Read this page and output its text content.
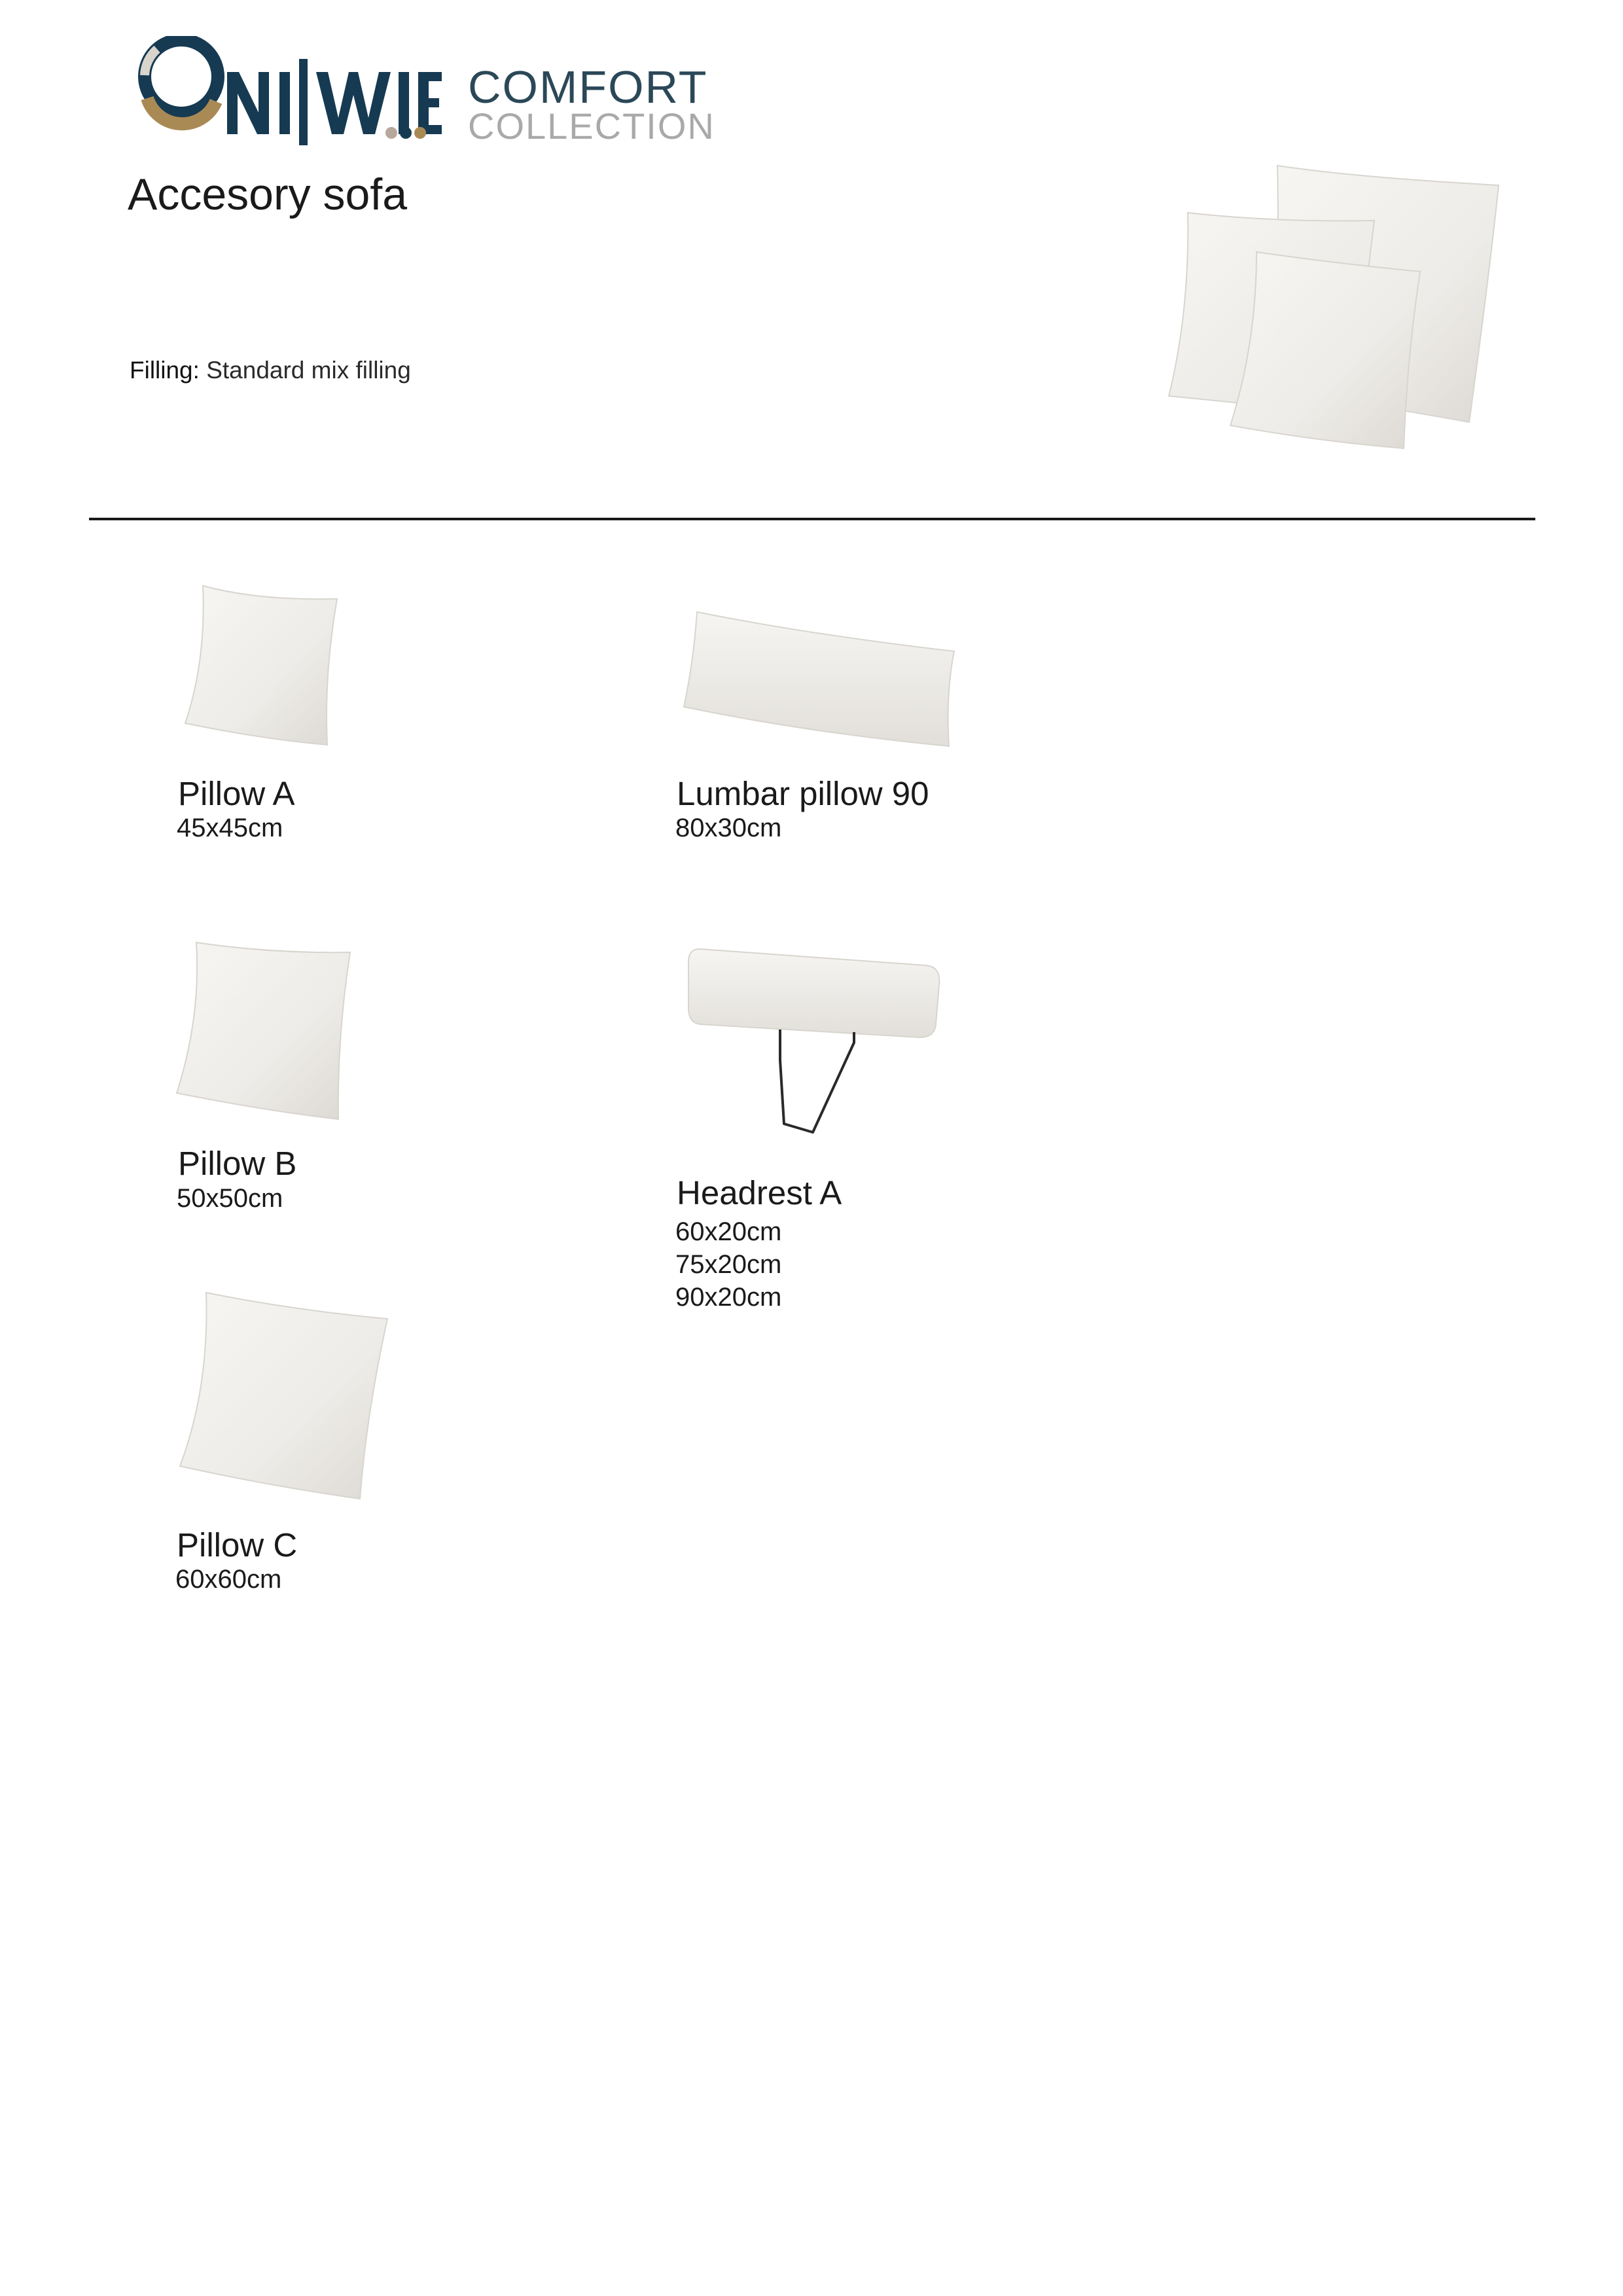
COMFORT
COLLECTION
Accesory sofa
Filling: Standard mix filling
Pillow A
45x45cm
Lumbar pillow 90
80x30cm
Pillow B
50x50cm	Headrest A
60x20cm
75x20cm
90x20cm
Pillow C
60x60cm
